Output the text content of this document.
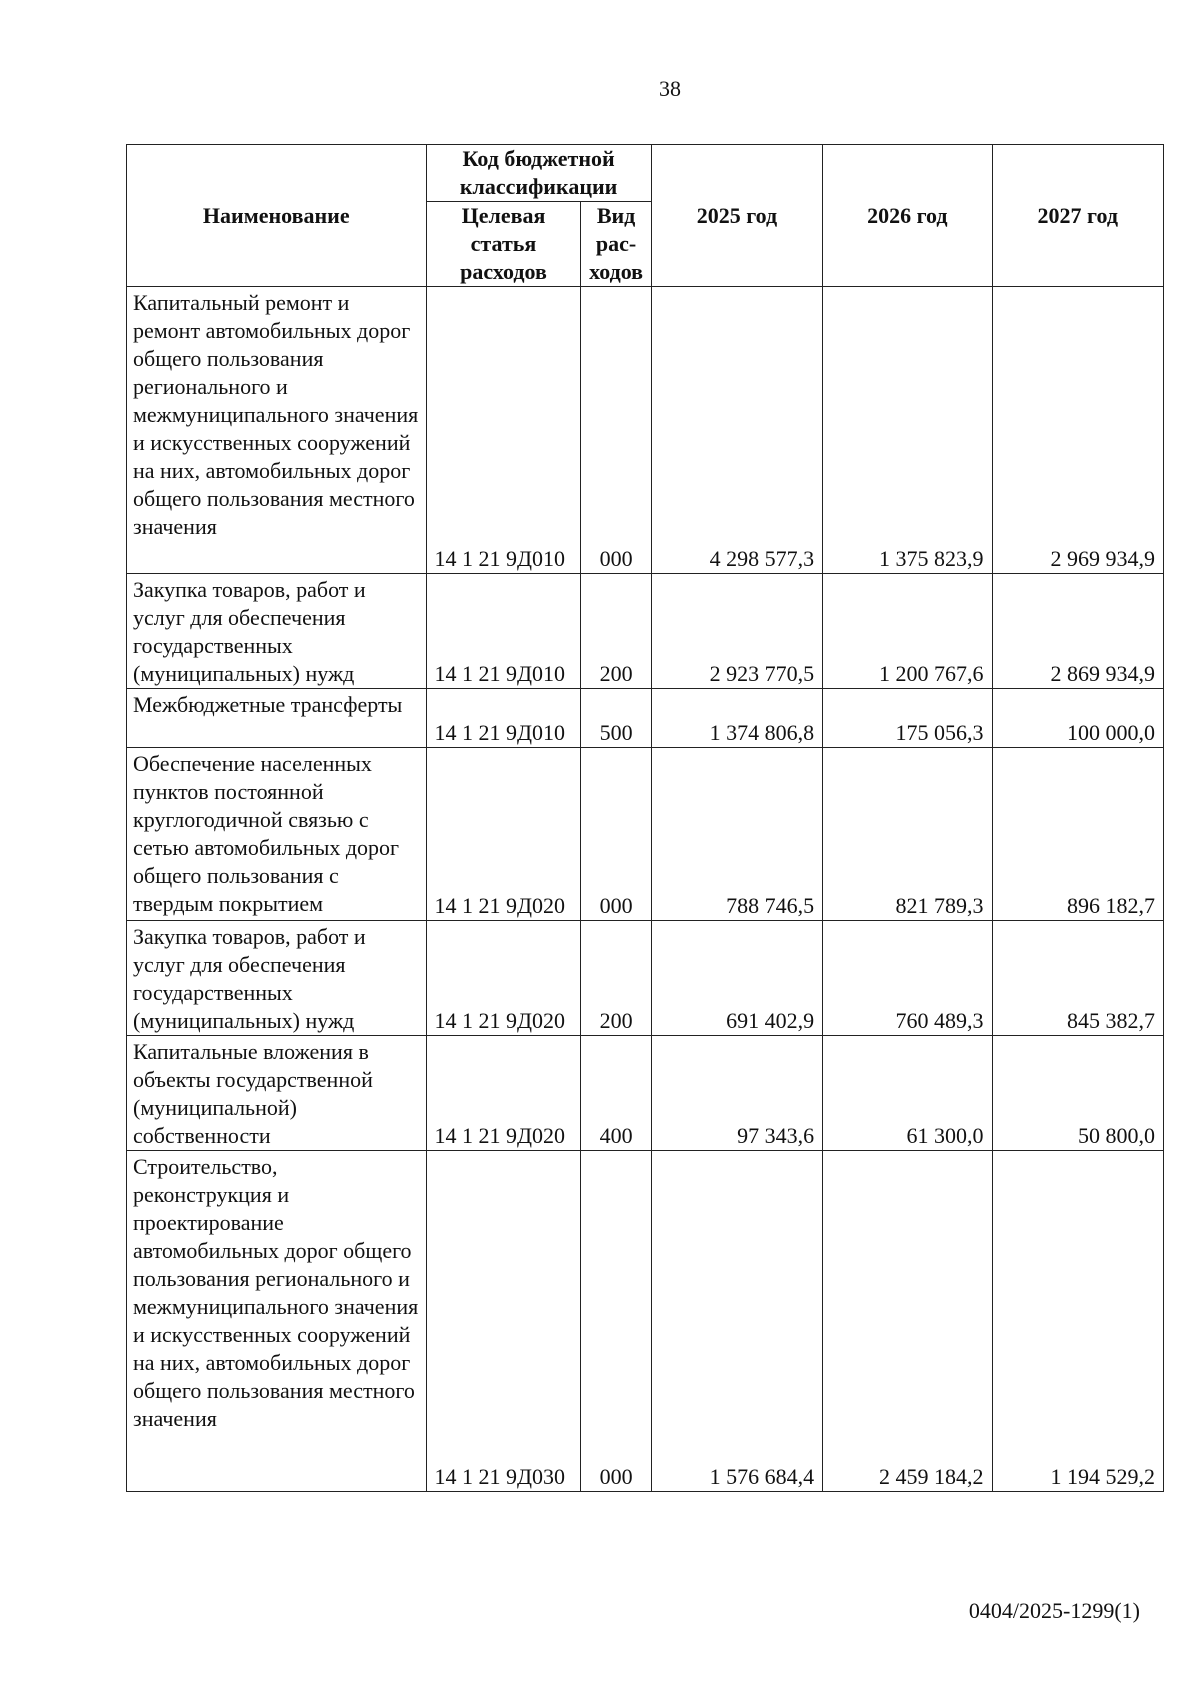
38
Наименование	Код бюджетной классификации		2025 год	2026 год	2027 год
	Целевая статья расходов	Вид рас-ходов			
Капитальный ремонт и ремонт автомобильных дорог общего пользования регионального и межмуниципального значения и искусственных сооружений на них, автомобильных дорог общего пользования местного значения	14 1 21 9Д010	000	4 298 577,3	1 375 823,9	2 969 934,9
Закупка товаров, работ и услуг для обеспечения государственных (муниципальных) нужд	14 1 21 9Д010	200	2 923 770,5	1 200 767,6	2 869 934,9
Межбюджетные трансферты	14 1 21 9Д010	500	1 374 806,8	175 056,3	100 000,0
Обеспечение населенных пунктов постоянной круглогодичной связью с сетью автомобильных дорог общего пользования с твердым покрытием	14 1 21 9Д020	000	788 746,5	821 789,3	896 182,7
Закупка товаров, работ и услуг для обеспечения государственных (муниципальных) нужд	14 1 21 9Д020	200	691 402,9	760 489,3	845 382,7
Капитальные вложения в объекты государственной (муниципальной) собственности	14 1 21 9Д020	400	97 343,6	61 300,0	50 800,0
Строительство, реконструкция и проектирование автомобильных дорог общего пользования регионального и межмуниципального значения и искусственных сооружений на них, автомобильных дорог общего пользования местного значения	14 1 21 9Д030	000	1 576 684,4	2 459 184,2	1 194 529,2
0404/2025-1299(1)
